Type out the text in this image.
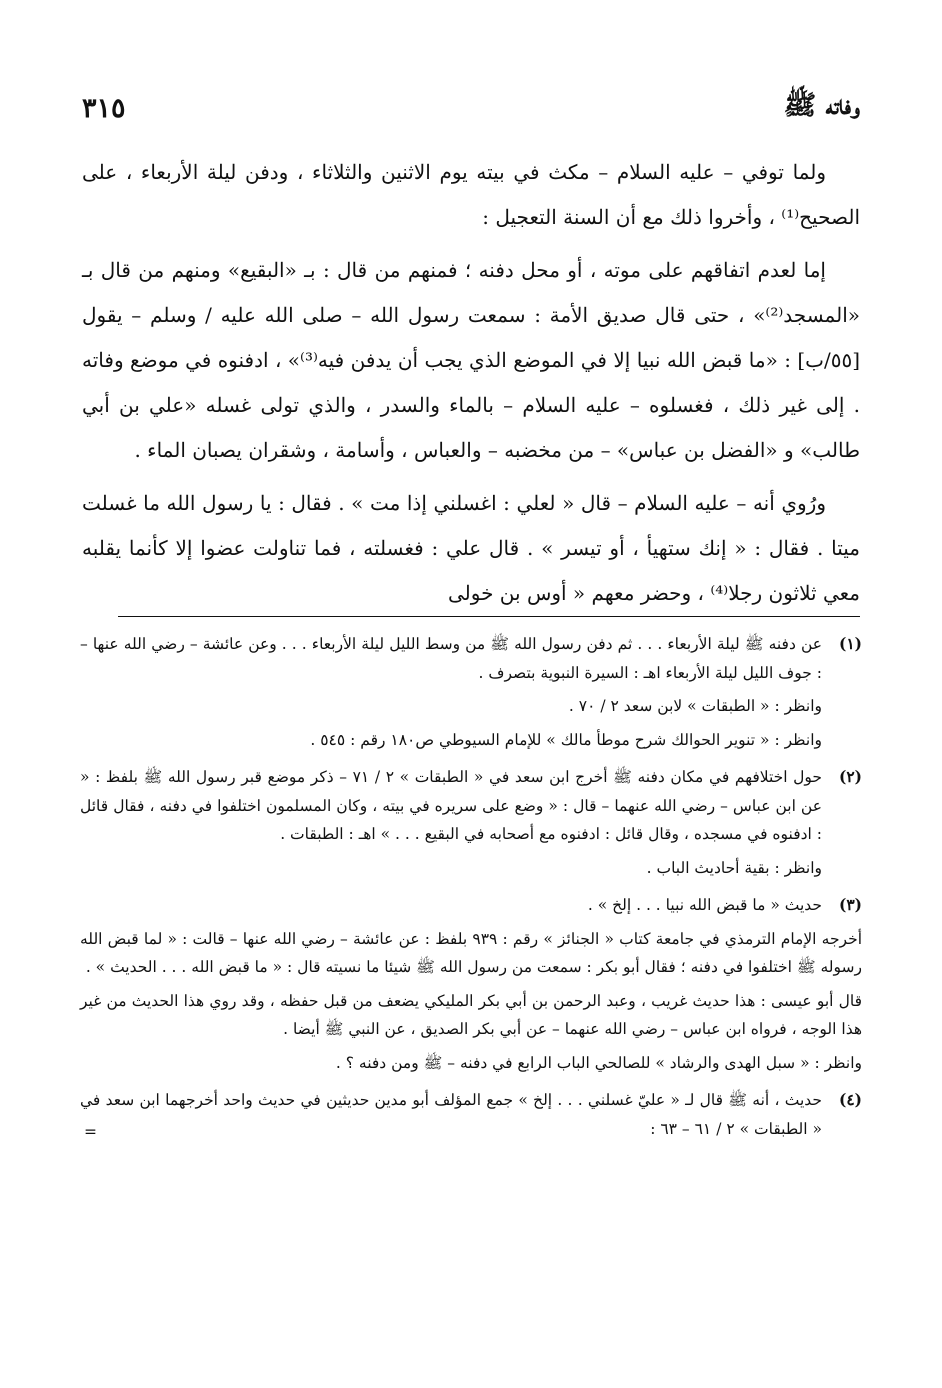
وفاته ﷺ
٣١٥

ولما توفي – عليه السلام – مكث في بيته يوم الاثنين والثلاثاء ، ودفن ليلة الأربعاء ، على الصحيح⁽¹⁾ ، وأخروا ذلك مع أن السنة التعجيل :

إما لعدم اتفاقهم على موته ، أو محل دفنه ؛ فمنهم من قال : بـ «البقيع» ومنهم من قال بـ «المسجد⁽²⁾» ، حتى قال صديق الأمة : سمعت رسول الله – صلى الله عليه / وسلم – يقول [٥٥/ب] : «ما قبض الله نبيا إلا في الموضع الذي يجب أن يدفن فيه⁽³⁾» ، ادفنوه في موضع وفاته . إلى غير ذلك ، فغسلوه – عليه السلام – بالماء والسدر ، والذي تولى غسله «علي بن أبي طالب» و «الفضل بن عباس» – من مخضبه – والعباس ، وأسامة ، وشقران يصبان الماء .

ورُوي أنه – عليه السلام – قال « لعلي : اغسلني إذا مت » . فقال : يا رسول الله ما غسلت ميتا . فقال : « إنك ستهيأ ، أو تيسر » . قال علي : فغسلته ، فما تناولت عضوا إلا كأنما يقلبه معي ثلاثون رجلا⁽⁴⁾ ، وحضر معهم « أوس بن خولى

(١)

عن دفنه ﷺ ليلة الأربعاء . . . ثم دفن رسول الله ﷺ من وسط الليل ليلة الأربعاء . . . وعن عائشة – رضي الله عنها – : جوف الليل ليلة الأربعاء اهـ : السيرة النبوية بتصرف .

وانظر : « الطبقات » لابن سعد ٢ / ٧٠ .

وانظر : « تنوير الحوالك شرح موطأ مالك » للإمام السيوطي ص١٨٠ رقم : ٥٤٥ .

(٢)

حول اختلافهم في مكان دفنه ﷺ أخرج ابن سعد في « الطبقات » ٢ / ٧١ – ذكر موضع قبر رسول الله ﷺ بلفظ : « عن ابن عباس – رضي الله عنهما – قال : « وضع على سريره في بيته ، وكان المسلمون اختلفوا في دفنه ، فقال قائل : ادفنوه في مسجده ، وقال قائل : ادفنوه مع أصحابه في البقيع . . . » اهـ : الطبقات .

وانظر : بقية أحاديث الباب .

(٣)

حديث « ما قبض الله نبيا . . . إلخ » .

أخرجه الإمام الترمذي في جامعة كتاب « الجنائز » رقم : ٩٣٩ بلفظ : عن عائشة – رضي الله عنها – قالت : « لما قبض الله رسوله ﷺ اختلفوا في دفنه ؛ فقال أبو بكر : سمعت من رسول الله ﷺ شيئا ما نسيته قال : « ما قبض الله . . . الحديث » .

قال أبو عيسى : هذا حديث غريب ، وعبد الرحمن بن أبي بكر المليكي يضعف من قبل حفظه ، وقد روي هذا الحديث من غير هذا الوجه ، فرواه ابن عباس – رضي الله عنهما – عن أبي بكر الصديق ، عن النبي ﷺ أيضا .

وانظر : « سبل الهدى والرشاد » للصالحي الباب الرابع في دفنه – ﷺ ومن دفنه ؟ .

(٤)

حديث ، أنه ﷺ قال لـ « عليّ غسلني . . . إلخ » جمع المؤلف أبو مدين حديثين في حديث واحد أخرجهما ابن سعد في « الطبقات » ٢ / ٦١ – ٦٣ :

=
